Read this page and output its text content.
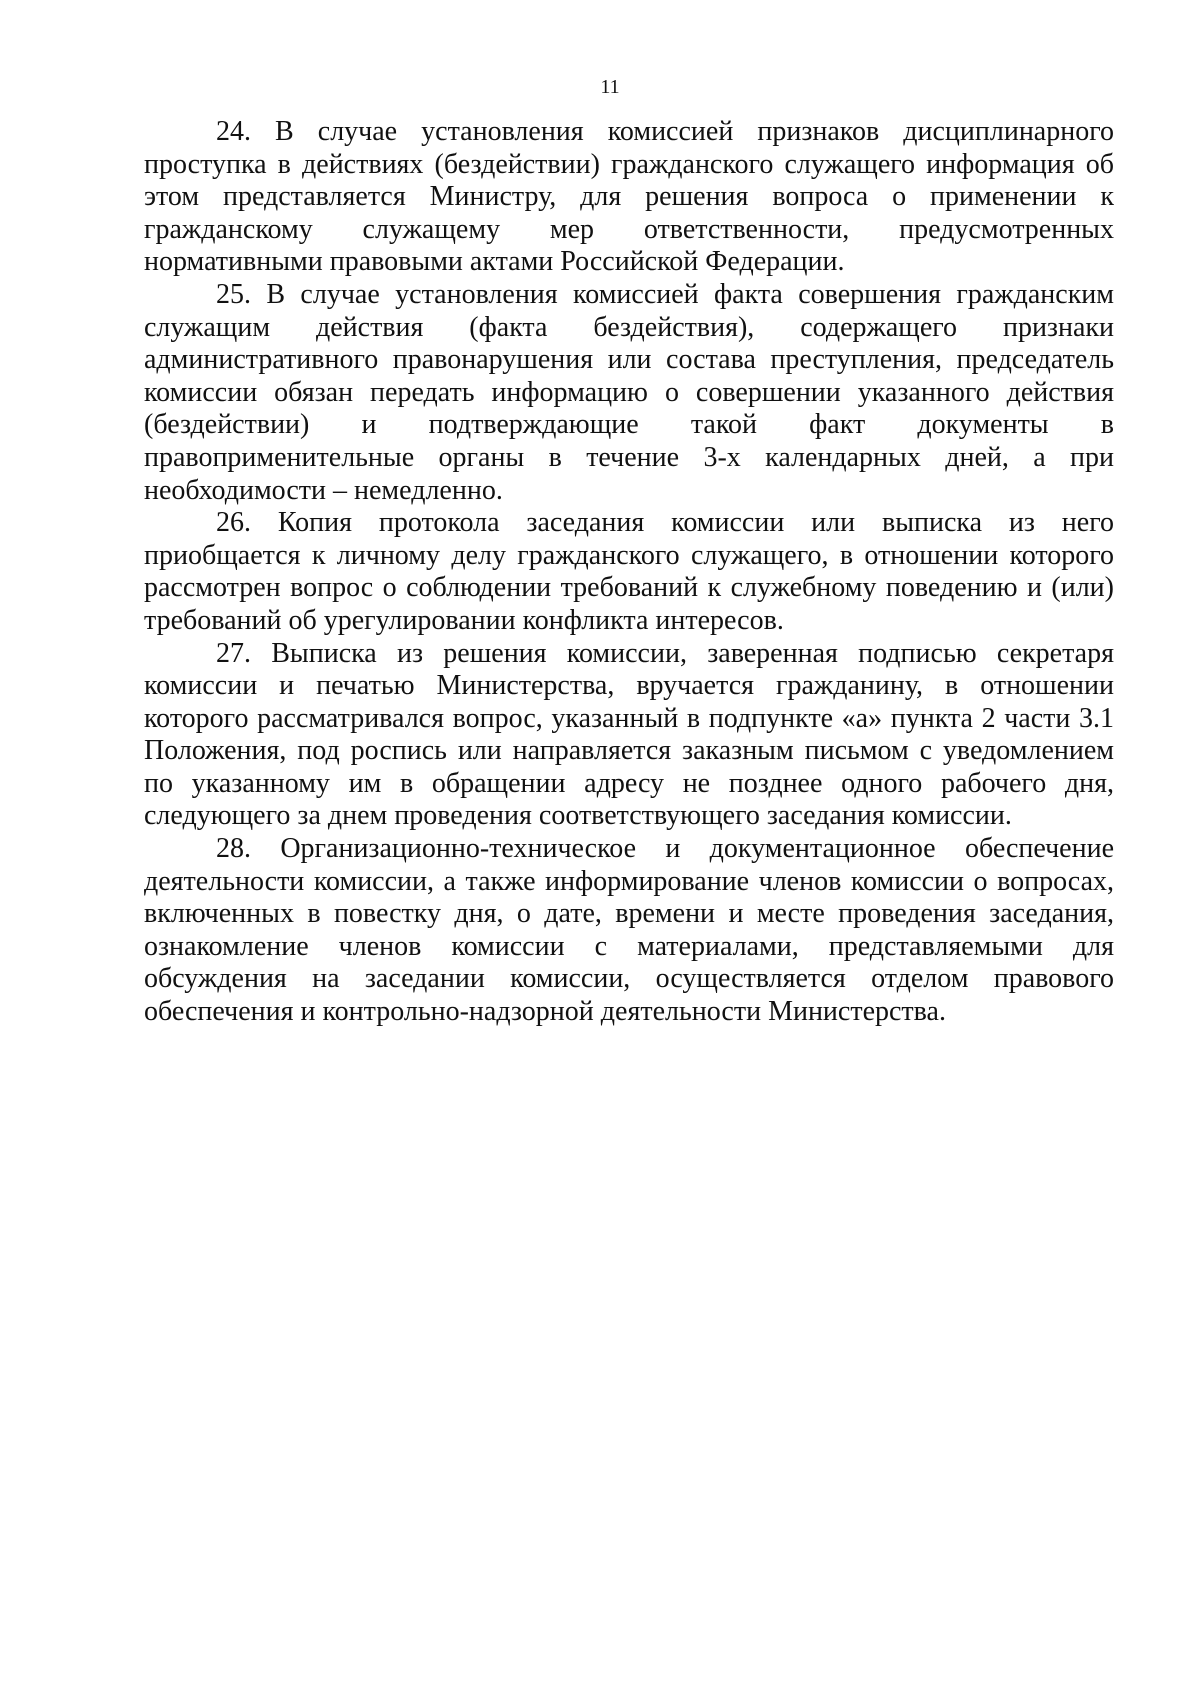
11

24. В случае установления комиссией признаков дисциплинарного проступка в действиях (бездействии) гражданского служащего информация об этом представляется Министру, для решения вопроса о применении к гражданскому служащему мер ответственности, предусмотренных нормативными правовыми актами Российской Федерации.

25. В случае установления комиссией факта совершения гражданским служащим действия (факта бездействия), содержащего признаки административного правонарушения или состава преступления, председатель комиссии обязан передать информацию о совершении указанного действия (бездействии) и подтверждающие такой факт документы в правоприменительные органы в течение 3-х календарных дней, а при необходимости – немедленно.

26. Копия протокола заседания комиссии или выписка из него приобщается к личному делу гражданского служащего, в отношении которого рассмотрен вопрос о соблюдении требований к служебному поведению и (или) требований об урегулировании конфликта интересов.

27. Выписка из решения комиссии, заверенная подписью секретаря комиссии и печатью Министерства, вручается гражданину, в отношении которого рассматривался вопрос, указанный в подпункте «а» пункта 2 части 3.1 Положения, под роспись или направляется заказным письмом с уведомлением по указанному им в обращении адресу не позднее одного рабочего дня, следующего за днем проведения соответствующего заседания комиссии.

28. Организационно-техническое и документационное обеспечение деятельности комиссии, а также информирование членов комиссии о вопросах, включенных в повестку дня, о дате, времени и месте проведения заседания, ознакомление членов комиссии с материалами, представляемыми для обсуждения на заседании комиссии, осуществляется отделом правового обеспечения и контрольно-надзорной деятельности Министерства.
